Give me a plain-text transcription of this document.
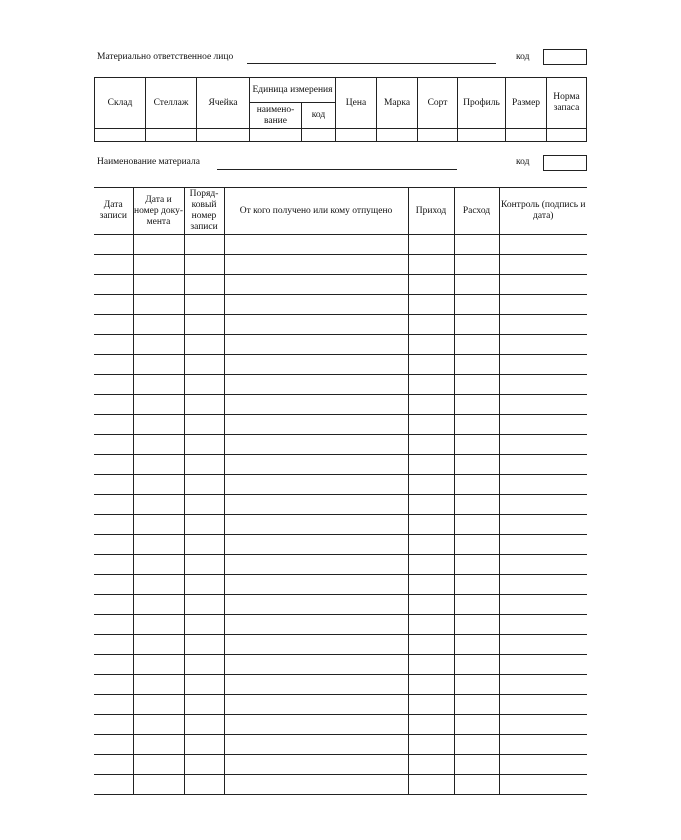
Материально ответственное лицо	код
Склад	Стеллаж	Ячейка	Единица измерения		Цена	Марка	Сорт	Профиль	Размер	Норма запаса
			наимено-вание	код						

Наименование материала	код
Дата записи	Дата и номер доку-мента	Поряд-ковый номер записи	От кого получено или кому отпущено	Приход	Расход	Контроль (подпись и дата)
